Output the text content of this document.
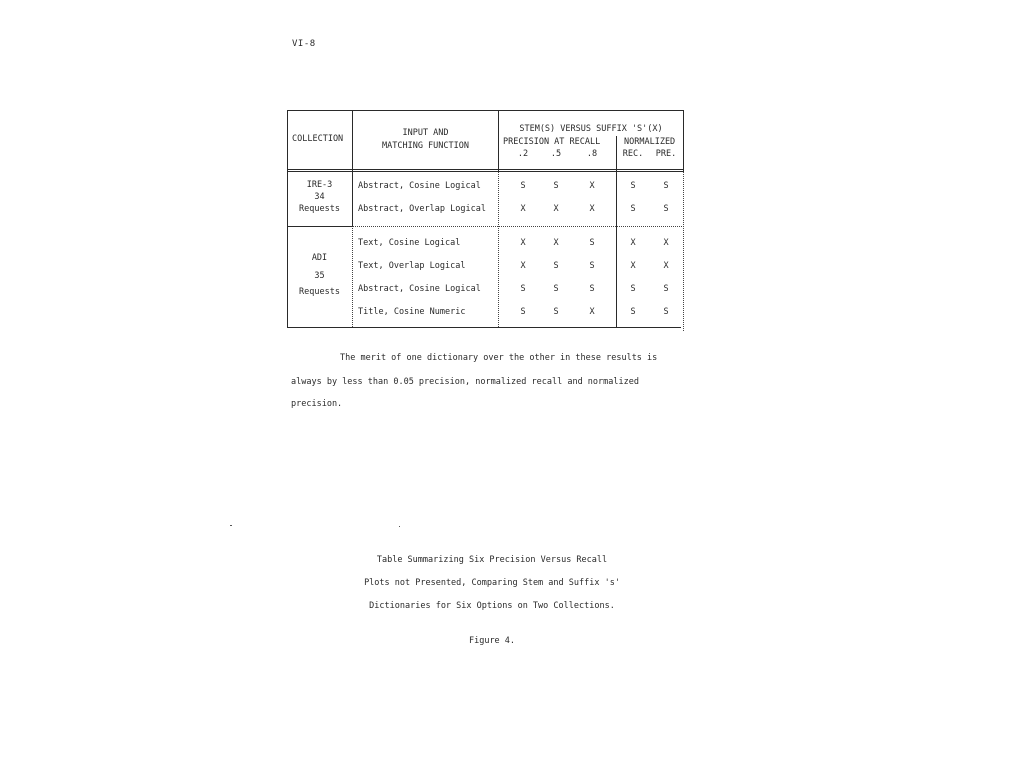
VI-8
COLLECTION
INPUT AND
MATCHING FUNCTION
STEM(S) VERSUS SUFFIX 'S'(X)
PRECISION AT RECALL	NORMALIZED
.2	.5	.8	REC.	PRE.
IRE-3
34
Requests
Abstract, Cosine Logical	S	S	X	S	S
Abstract, Overlap Logical	X	X	X	S	S
ADI
35
Requests
Text, Cosine Logical	X	X	S	X	X
Text, Overlap Logical	X	S	S	X	X
Abstract, Cosine Logical	S	S	S	S	S
Title, Cosine Numeric	S	S	X	S	S
The merit of one dictionary over the other in these results is
always by less than 0.05 precision, normalized recall and normalized
precision.
Table Summarizing Six Precision Versus Recall
Plots not Presented, Comparing Stem and Suffix 's'
Dictionaries for Six Options on Two Collections.
Figure 4.
